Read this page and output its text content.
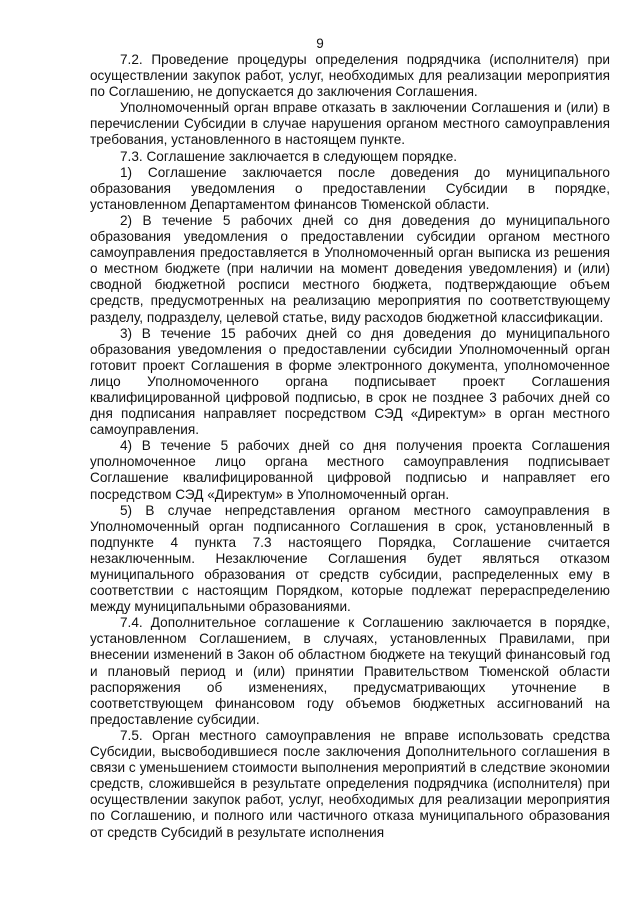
9

7.2. Проведение процедуры определения подрядчика (исполнителя) при осуществлении закупок работ, услуг, необходимых для реализации мероприятия по Соглашению, не допускается до заключения Соглашения.

Уполномоченный орган вправе отказать в заключении Соглашения и (или) в перечислении Субсидии в случае нарушения органом местного самоуправления требования, установленного в настоящем пункте.

7.3. Соглашение заключается в следующем порядке.

1) Соглашение заключается после доведения до муниципального образования уведомления о предоставлении Субсидии в порядке, установленном Департаментом финансов Тюменской области.

2) В течение 5 рабочих дней со дня доведения до муниципального образования уведомления о предоставлении субсидии органом местного самоуправления предоставляется в Уполномоченный орган выписка из решения о местном бюджете (при наличии на момент доведения уведомления) и (или) сводной бюджетной росписи местного бюджета, подтверждающие объем средств, предусмотренных на реализацию мероприятия по соответствующему разделу, подразделу, целевой статье, виду расходов бюджетной классификации.

3) В течение 15 рабочих дней со дня доведения до муниципального образования уведомления о предоставлении субсидии Уполномоченный орган готовит проект Соглашения в форме электронного документа, уполномоченное лицо Уполномоченного органа подписывает проект Соглашения квалифицированной цифровой подписью, в срок не позднее 3 рабочих дней со дня подписания направляет посредством СЭД «Директум» в орган местного самоуправления.

4) В течение 5 рабочих дней со дня получения проекта Соглашения уполномоченное лицо органа местного самоуправления подписывает Соглашение квалифицированной цифровой подписью и направляет его посредством СЭД «Директум» в Уполномоченный орган.

5) В случае непредставления органом местного самоуправления в Уполномоченный орган подписанного Соглашения в срок, установленный в подпункте 4 пункта 7.3 настоящего Порядка, Соглашение считается незаключенным. Незаключение Соглашения будет являться отказом муниципального образования от средств субсидии, распределенных ему в соответствии с настоящим Порядком, которые подлежат перераспределению между муниципальными образованиями.

7.4. Дополнительное соглашение к Соглашению заключается в порядке, установленном Соглашением, в случаях, установленных Правилами, при внесении изменений в Закон об областном бюджете на текущий финансовый год и плановый период и (или) принятии Правительством Тюменской области распоряжения об изменениях, предусматривающих уточнение в соответствующем финансовом году объемов бюджетных ассигнований на предоставление субсидии.

7.5. Орган местного самоуправления не вправе использовать средства Субсидии, высвободившиеся после заключения Дополнительного соглашения в связи с уменьшением стоимости выполнения мероприятий в следствие экономии средств, сложившейся в результате определения подрядчика (исполнителя) при осуществлении закупок работ, услуг, необходимых для реализации мероприятия по Соглашению, и полного или частичного отказа муниципального образования от средств Субсидий в результате исполнения
